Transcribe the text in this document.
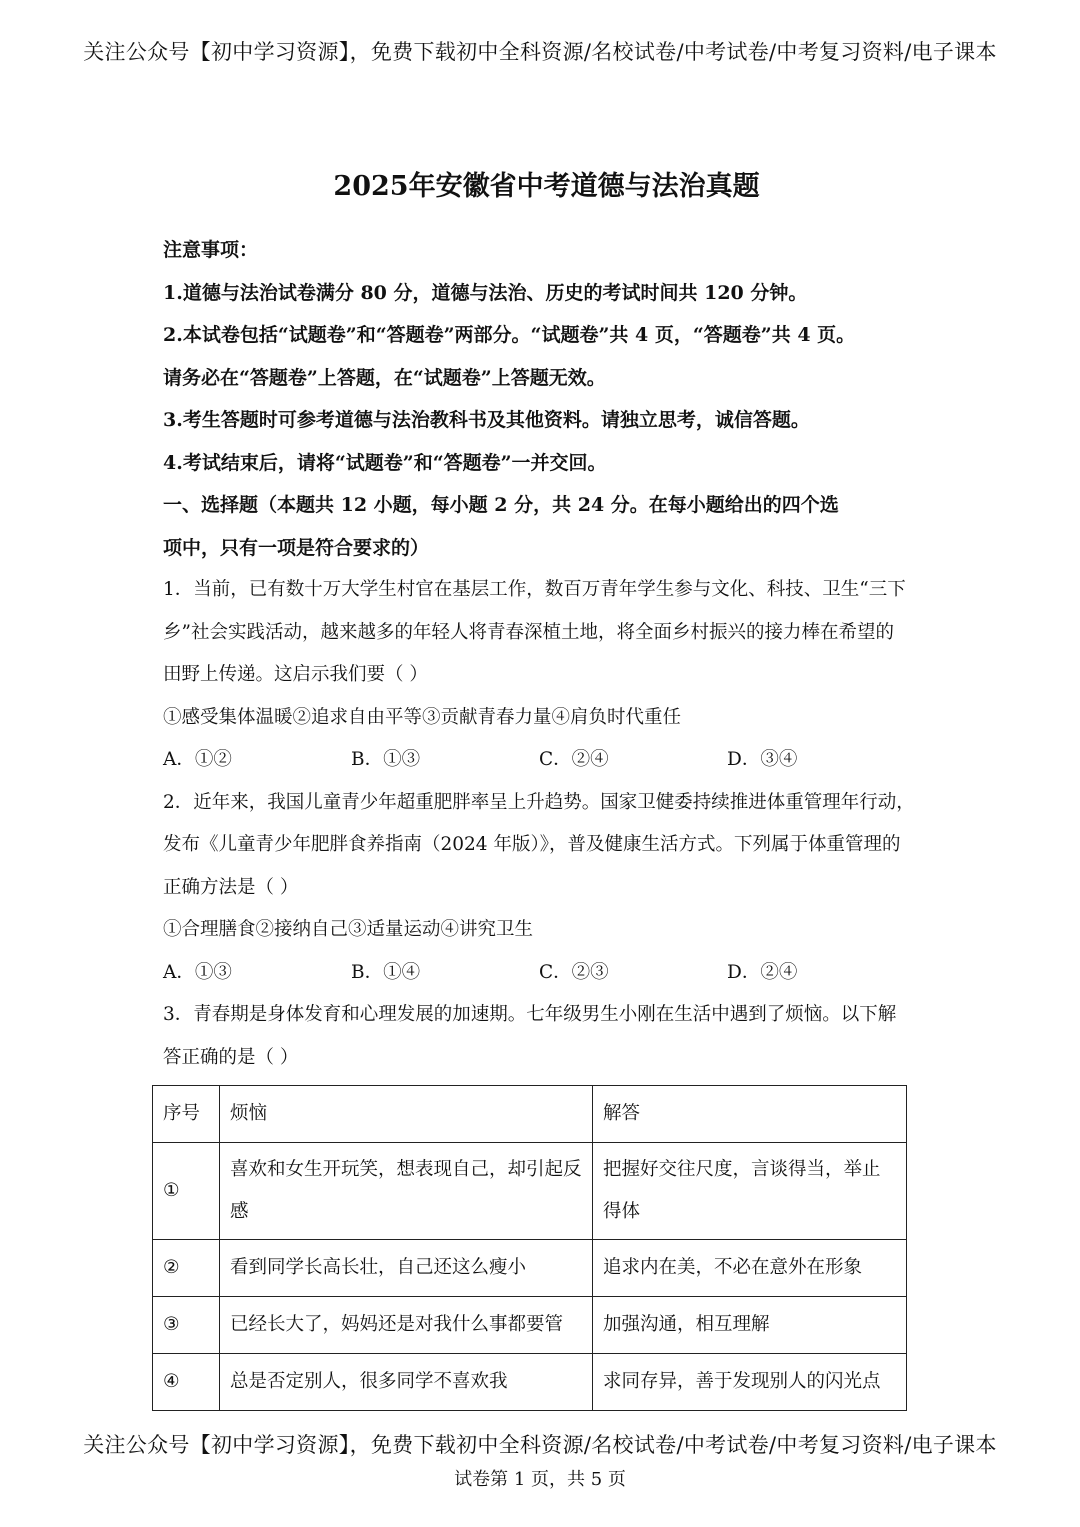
关注公众号【初中学习资源】，免费下载初中全科资源/名校试卷/中考试卷/中考复习资料/电子课本
2025年安徽省中考道德与法治真题
注意事项：
1.道德与法治试卷满分 80 分，道德与法治、历史的考试时间共 120 分钟。
2.本试卷包括“试题卷”和“答题卷”两部分。“试题卷”共 4 页，“答题卷”共 4 页。
请务必在“答题卷”上答题，在“试题卷”上答题无效。
3.考生答题时可参考道德与法治教科书及其他资料。请独立思考，诚信答题。
4.考试结束后，请将“试题卷”和“答题卷”一并交回。
一、选择题（本题共 12 小题，每小题 2 分，共 24 分。在每小题给出的四个选
项中，只有一项是符合要求的）
1．当前，已有数十万大学生村官在基层工作，数百万青年学生参与文化、科技、卫生“三下
乡”社会实践活动，越来越多的年轻人将青春深植土地，将全面乡村振兴的接力棒在希望的
田野上传递。这启示我们要（ ）
①感受集体温暖②追求自由平等③贡献青春力量④肩负时代重任
A．①②	B．①③	C．②④	D．③④
2．近年来，我国儿童青少年超重肥胖率呈上升趋势。国家卫健委持续推进体重管理年行动，
发布《儿童青少年肥胖食养指南（2024 年版）》，普及健康生活方式。下列属于体重管理的
正确方法是（ ）
①合理膳食②接纳自己③适量运动④讲究卫生
A．①③	B．①④	C．②③	D．②④
3．青春期是身体发育和心理发展的加速期。七年级男生小刚在生活中遇到了烦恼。以下解
答正确的是（ ）
序号	烦恼	解答
①	喜欢和女生开玩笑，想表现自己，却引起反感	把握好交往尺度，言谈得当，举止得体
②	看到同学长高长壮，自己还这么瘦小	追求内在美，不必在意外在形象
③	已经长大了，妈妈还是对我什么事都要管	加强沟通，相互理解
④	总是否定别人，很多同学不喜欢我	求同存异，善于发现别人的闪光点
关注公众号【初中学习资源】，免费下载初中全科资源/名校试卷/中考试卷/中考复习资料/电子课本
试卷第 1 页，共 5 页
